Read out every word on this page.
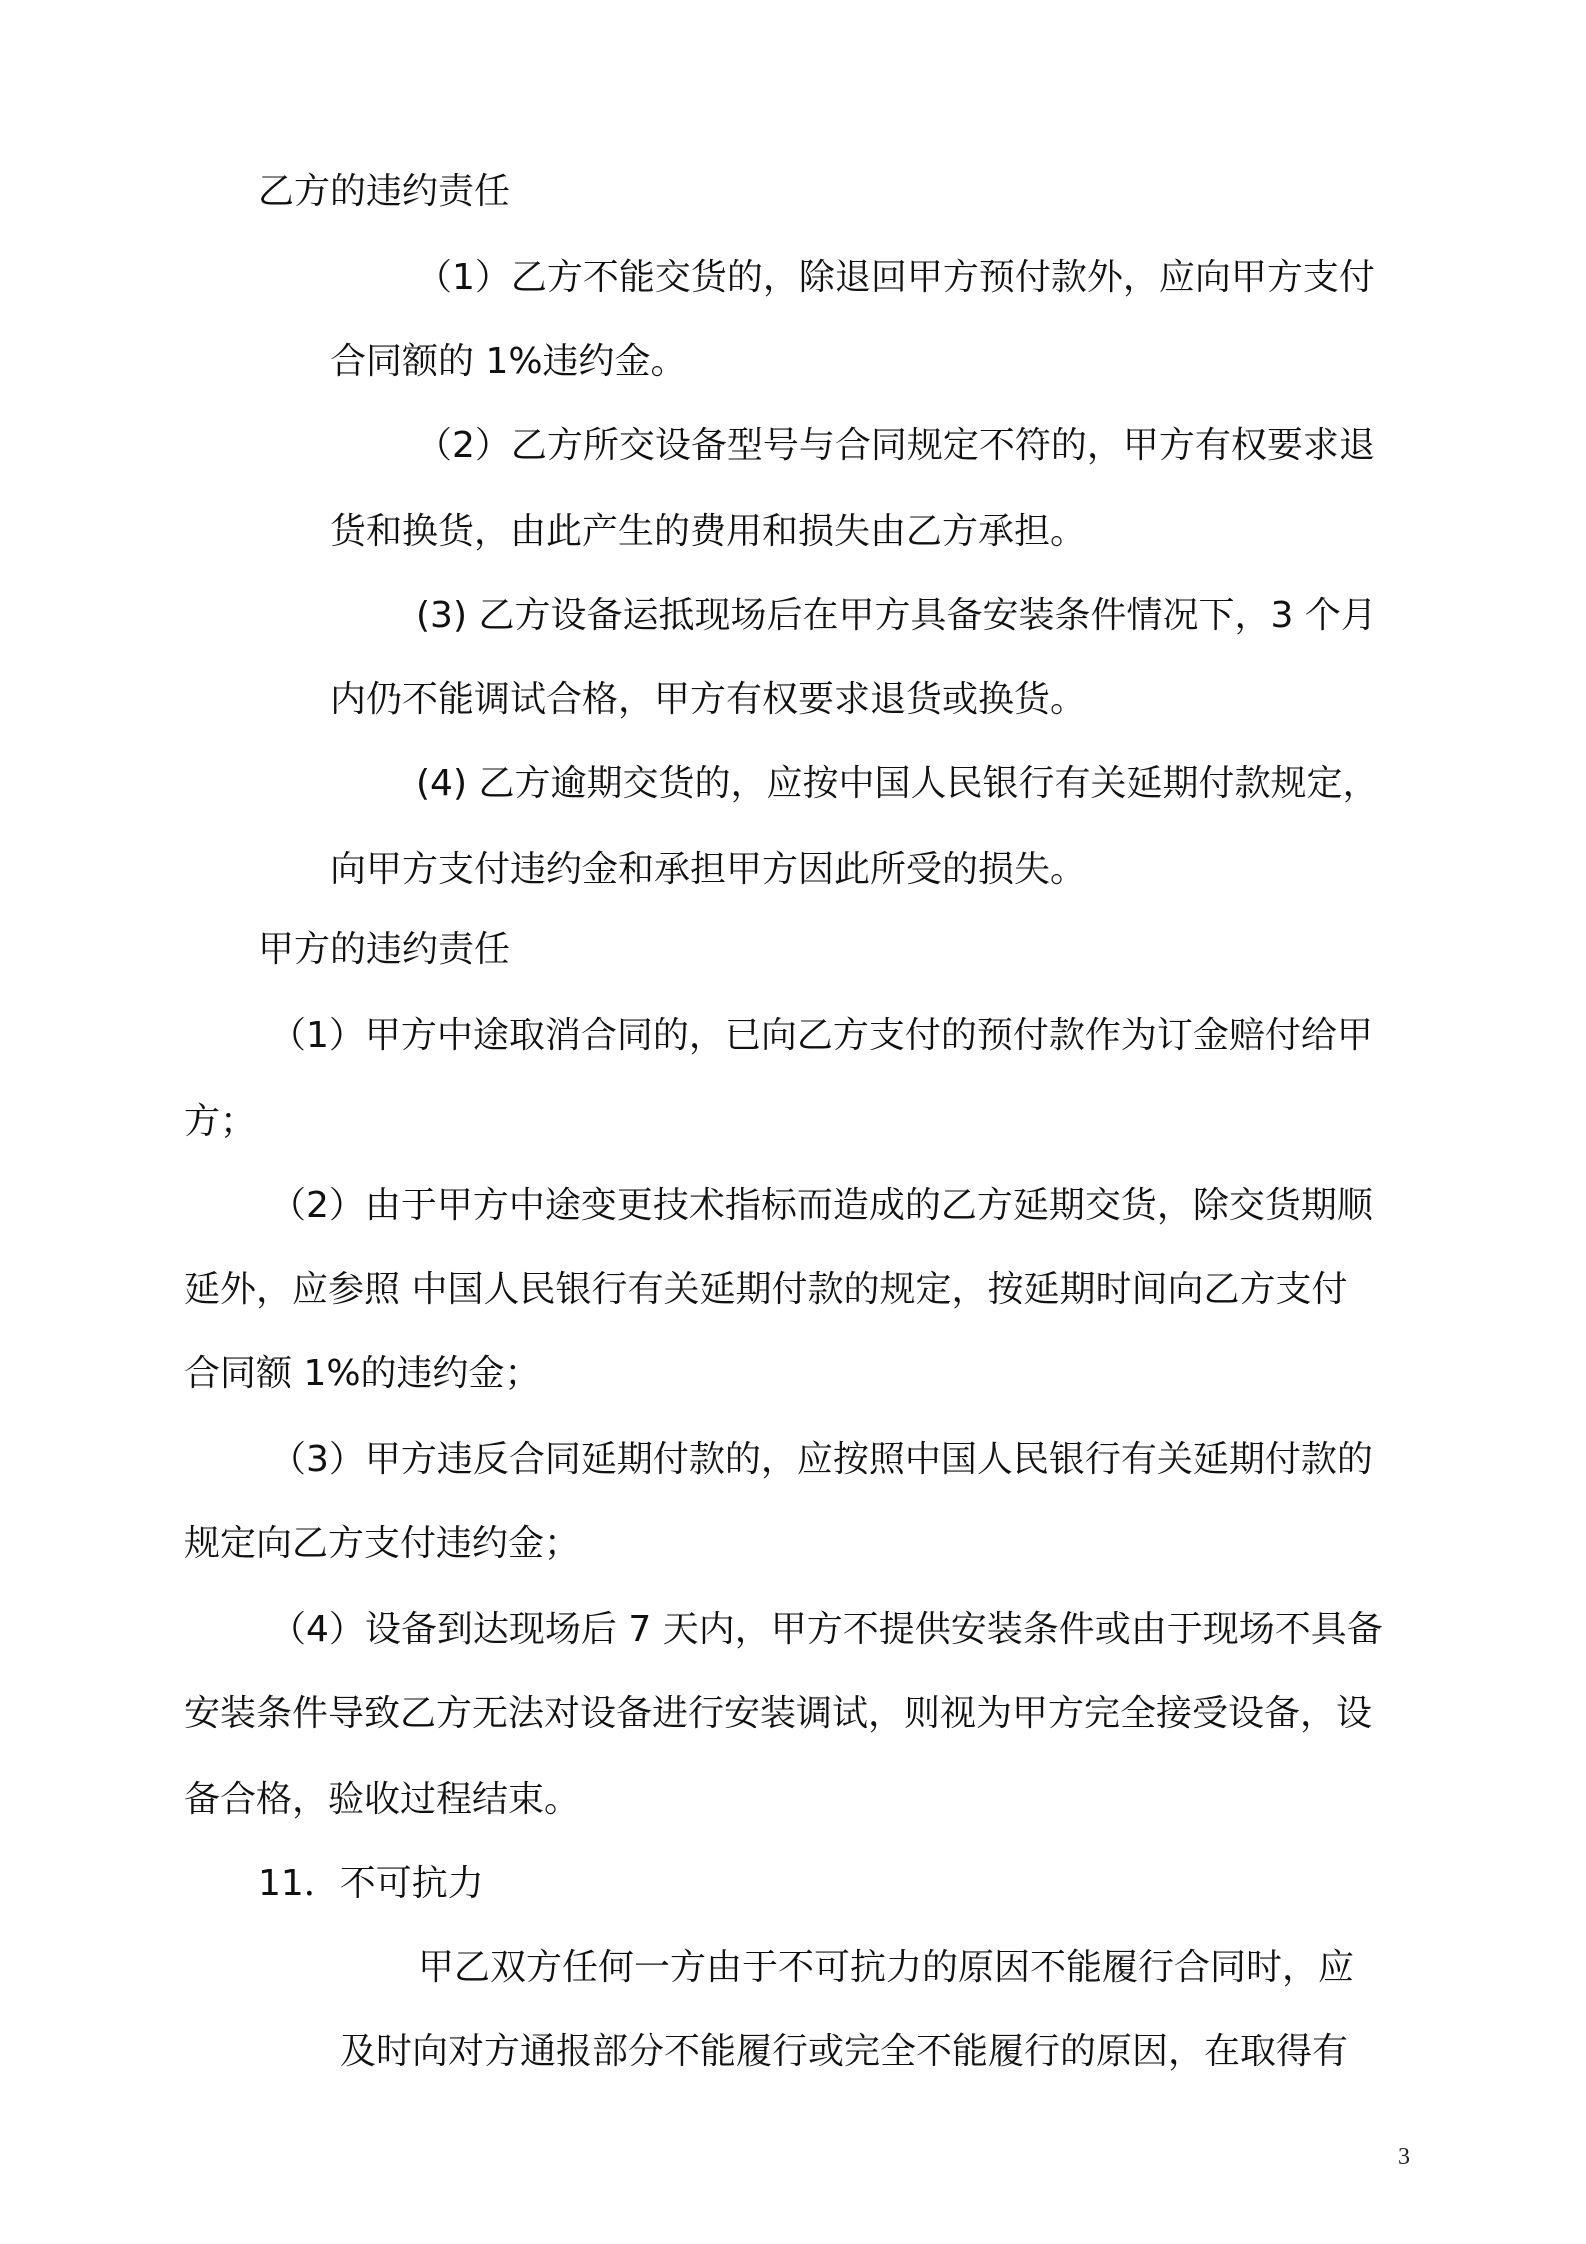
乙方的违约责任
（1）乙方不能交货的，除退回甲方预付款外，应向甲方支付
合同额的 1%违约金。
（2）乙方所交设备型号与合同规定不符的，甲方有权要求退
货和换货，由此产生的费用和损失由乙方承担。
(3) 乙方设备运抵现场后在甲方具备安装条件情况下，3 个月
内仍不能调试合格，甲方有权要求退货或换货。
(4) 乙方逾期交货的，应按中国人民银行有关延期付款规定，
向甲方支付违约金和承担甲方因此所受的损失。
甲方的违约责任
（1）甲方中途取消合同的，已向乙方支付的预付款作为订金赔付给甲
方；
（2）由于甲方中途变更技术指标而造成的乙方延期交货，除交货期顺
延外，应参照 中国人民银行有关延期付款的规定，按延期时间向乙方支付
合同额 1%的违约金；
（3）甲方违反合同延期付款的，应按照中国人民银行有关延期付款的
规定向乙方支付违约金；
（4）设备到达现场后 7 天内，甲方不提供安装条件或由于现场不具备
安装条件导致乙方无法对设备进行安装调试，则视为甲方完全接受设备，设
备合格，验收过程结束。
11．不可抗力
甲乙双方任何一方由于不可抗力的原因不能履行合同时，应
及时向对方通报部分不能履行或完全不能履行的原因，在取得有
3
